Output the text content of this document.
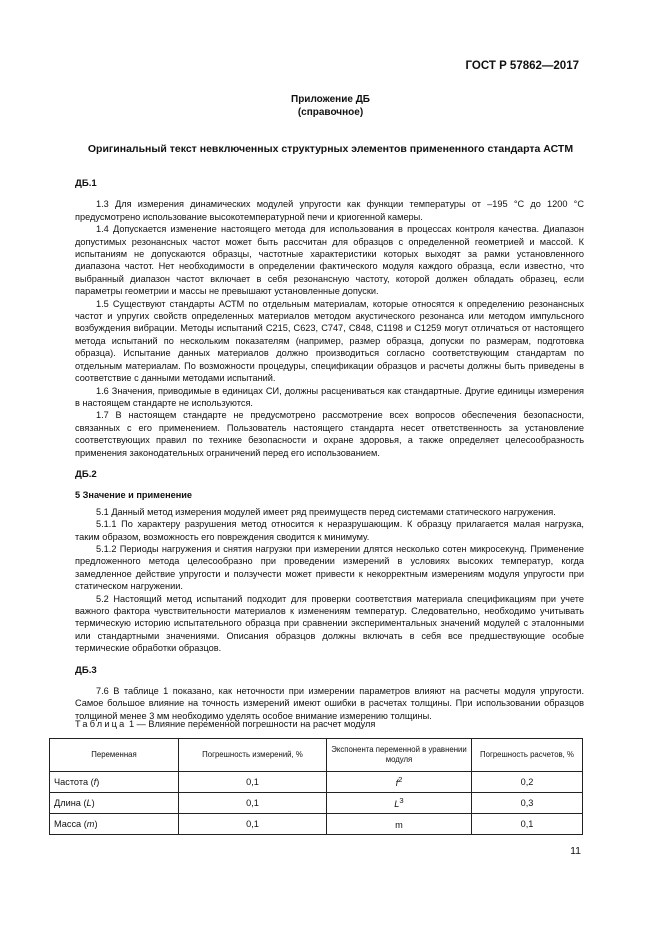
ГОСТ Р 57862—2017
Приложение ДБ
(справочное)
Оригинальный текст невключенных структурных элементов примененного стандарта АСТМ
ДБ.1

1.3 Для измерения динамических модулей упругости как функции температуры от –195 °С до 1200 °С предусмотрено использование высокотемпературной печи и криогенной камеры.

1.4 Допускается изменение настоящего метода для использования в процессах контроля качества. Диапазон допустимых резонансных частот может быть рассчитан для образцов с определенной геометрией и массой. К испытаниям не допускаются образцы, частотные характеристики которых выходят за рамки установленного диапазона частот. Нет необходимости в определении фактического модуля каждого образца, если известно, что выбранный диапазон частот включает в себя резонансную частоту, которой должен обладать образец, если параметры геометрии и массы не превышают установленные допуски.

1.5 Существуют стандарты АСТМ по отдельным материалам, которые относятся к определению резонансных частот и упругих свойств определенных материалов методом акустического резонанса или методом импульсного возбуждения вибрации. Методы испытаний С215, С623, С747, С848, С1198 и С1259 могут отличаться от настоящего метода испытаний по нескольким показателям (например, размер образца, допуски по размерам, подготовка образца). Испытание данных материалов должно производиться согласно соответствующим стандартам по отдельным материалам. По возможности процедуры, спецификации образцов и расчеты должны быть приведены в соответствие с данными методами испытаний.

1.6 Значения, приводимые в единицах СИ, должны расцениваться как стандартные. Другие единицы измерения в настоящем стандарте не используются.

1.7 В настоящем стандарте не предусмотрено рассмотрение всех вопросов обеспечения безопасности, связанных с его применением. Пользователь настоящего стандарта несет ответственность за установление соответствующих правил по технике безопасности и охране здоровья, а также определяет целесообразность применения законодательных ограничений перед его использованием.

ДБ.2
5 Значение и применение

5.1 Данный метод измерения модулей имеет ряд преимуществ перед системами статического нагружения.

5.1.1 По характеру разрушения метод относится к неразрушающим. К образцу прилагается малая нагрузка, таким образом, возможность его повреждения сводится к минимуму.

5.1.2 Периоды нагружения и снятия нагрузки при измерении длятся несколько сотен микросекунд. Применение предложенного метода целесообразно при проведении измерений в условиях высоких температур, когда замедленное действие упругости и ползучести может привести к некорректным измерениям модуля упругости при статическом нагружении.

5.2 Настоящий метод испытаний подходит для проверки соответствия материала спецификациям при учете важного фактора чувствительности материалов к изменениям температур. Следовательно, необходимо учитывать термическую историю испытательного образца при сравнении экспериментальных значений модулей с эталонными или стандартными значениями. Описания образцов должны включать в себя все предшествующие особые термические обработки образцов.

ДБ.3

7.6 В таблице 1 показано, как неточности при измерении параметров влияют на расчеты модуля упругости. Самое большое влияние на точность измерений имеют ошибки в расчетах толщины. При использовании образцов толщиной менее 3 мм необходимо уделять особое внимание измерению толщины.

Таблица 1 — Влияние переменной погрешности на расчет модуля
Переменная	Погрешность измерений, %	Экспонента переменной в уравнении модуля	Погрешность расчетов, %
Частота (f)	0,1	$f^2$	0,2
Длина (L)	0,1	$L^3$	0,3
Масса (m)	0,1	m	0,1
11
